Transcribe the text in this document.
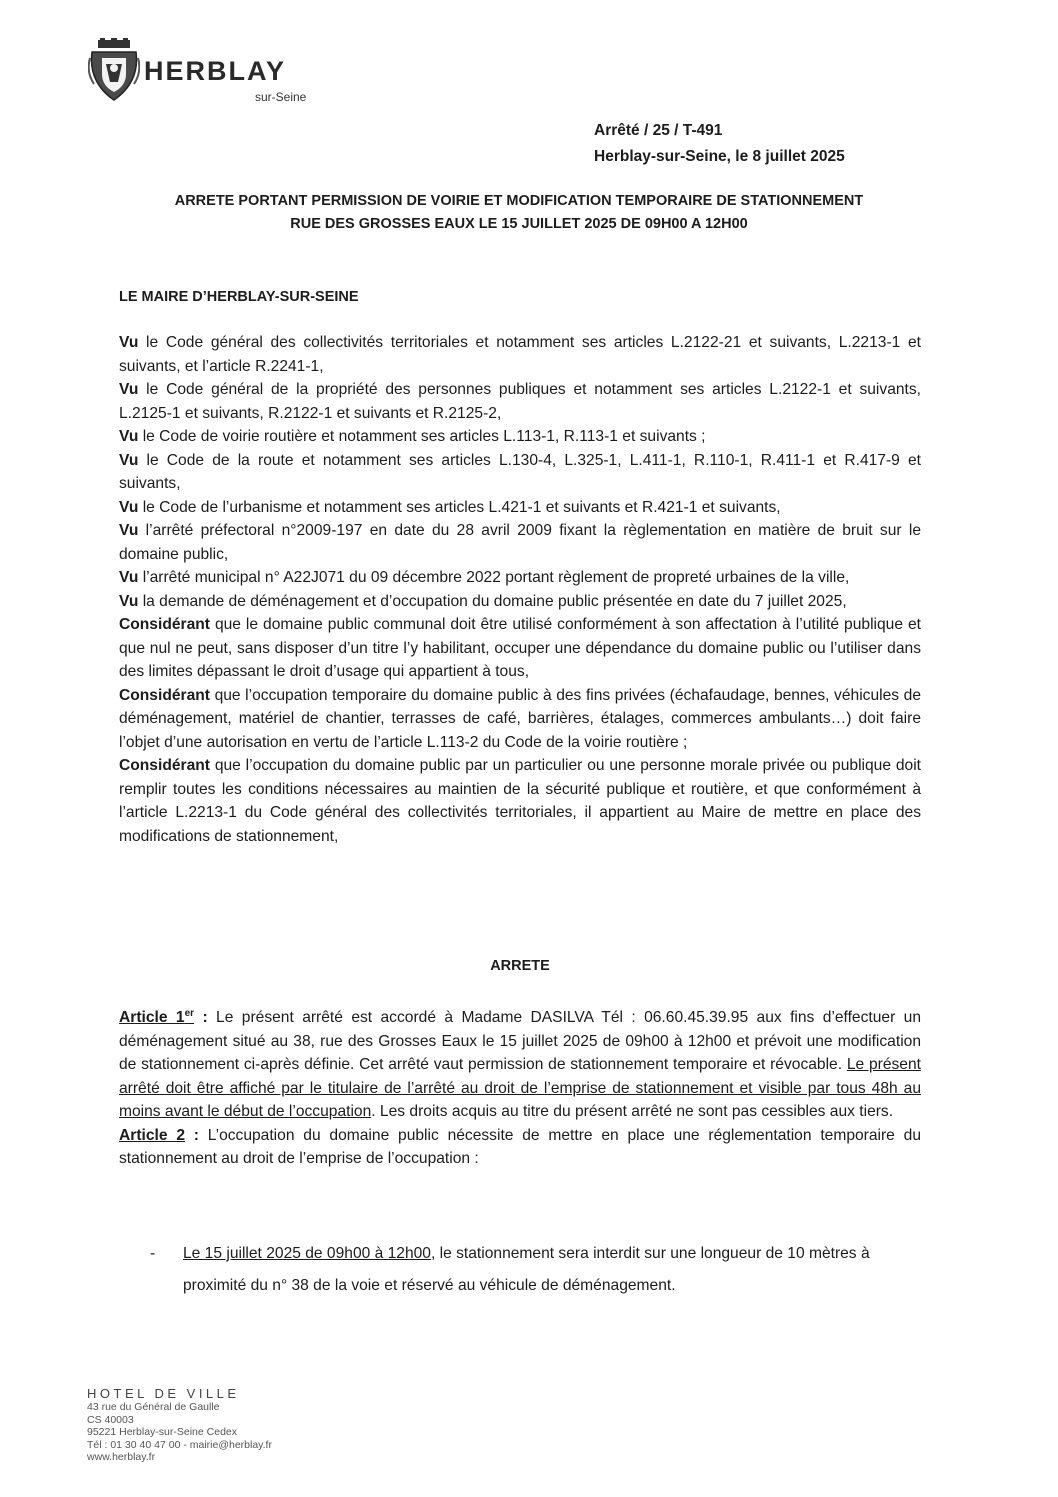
HERBLAY
sur-Seine
Arrêté / 25 / T-491
Herblay-sur-Seine, le 8 juillet 2025
ARRETE PORTANT PERMISSION DE VOIRIE ET MODIFICATION TEMPORAIRE DE STATIONNEMENT
RUE DES GROSSES EAUX LE 15 JUILLET 2025 DE 09H00 A 12H00
LE MAIRE D’HERBLAY-SUR-SEINE

Vu le Code général des collectivités territoriales et notamment ses articles L.2122-21 et suivants, L.2213-1 et suivants, et l’article R.2241-1,

Vu le Code général de la propriété des personnes publiques et notamment ses articles L.2122-1 et suivants, L.2125-1 et suivants, R.2122-1 et suivants et R.2125-2,

Vu le Code de voirie routière et notamment ses articles L.113-1, R.113-1 et suivants ;

Vu le Code de la route et notamment ses articles L.130-4, L.325-1, L.411-1, R.110-1, R.411-1 et R.417-9 et suivants,

Vu le Code de l’urbanisme et notamment ses articles L.421-1 et suivants et R.421-1 et suivants,

Vu l’arrêté préfectoral n°2009-197 en date du 28 avril 2009 fixant la règlementation en matière de bruit sur le domaine public,

Vu l’arrêté municipal n° A22J071 du 09 décembre 2022 portant règlement de propreté urbaines de la ville,

Vu la demande de déménagement et d’occupation du domaine public présentée en date du 7 juillet 2025,

Considérant que le domaine public communal doit être utilisé conformément à son affectation à l’utilité publique et que nul ne peut, sans disposer d’un titre l’y habilitant, occuper une dépendance du domaine public ou l’utiliser dans des limites dépassant le droit d’usage qui appartient à tous,

Considérant que l’occupation temporaire du domaine public à des fins privées (échafaudage, bennes, véhicules de déménagement, matériel de chantier, terrasses de café, barrières, étalages, commerces ambulants…) doit faire l’objet d’une autorisation en vertu de l’article L.113-2 du Code de la voirie routière ;

Considérant que l’occupation du domaine public par un particulier ou une personne morale privée ou publique doit remplir toutes les conditions nécessaires au maintien de la sécurité publique et routière, et que conformément à l’article L.2213-1 du Code général des collectivités territoriales, il appartient au Maire de mettre en place des modifications de stationnement,

ARRETE

Article 1er : Le présent arrêté est accordé à Madame DASILVA Tél : 06.60.45.39.95 aux fins d’effectuer un déménagement situé au 38, rue des Grosses Eaux le 15 juillet 2025 de 09h00 à 12h00 et prévoit une modification de stationnement ci-après définie. Cet arrêté vaut permission de stationnement temporaire et révocable. Le présent arrêté doit être affiché par le titulaire de l’arrêté au droit de l’emprise de stationnement et visible par tous 48h au moins avant le début de l’occupation. Les droits acquis au titre du présent arrêté ne sont pas cessibles aux tiers.

Article 2 : L’occupation du domaine public nécessite de mettre en place une réglementation temporaire du stationnement au droit de l’emprise de l’occupation :

- Le 15 juillet 2025 de 09h00 à 12h00, le stationnement sera interdit sur une longueur de 10 mètres à proximité du n° 38 de la voie et réservé au véhicule de déménagement.
HOTEL DE VILLE
43 rue du Général de Gaulle
CS 40003
95221 Herblay-sur-Seine Cedex
Tél : 01 30 40 47 00 - mairie@herblay.fr
www.herblay.fr
